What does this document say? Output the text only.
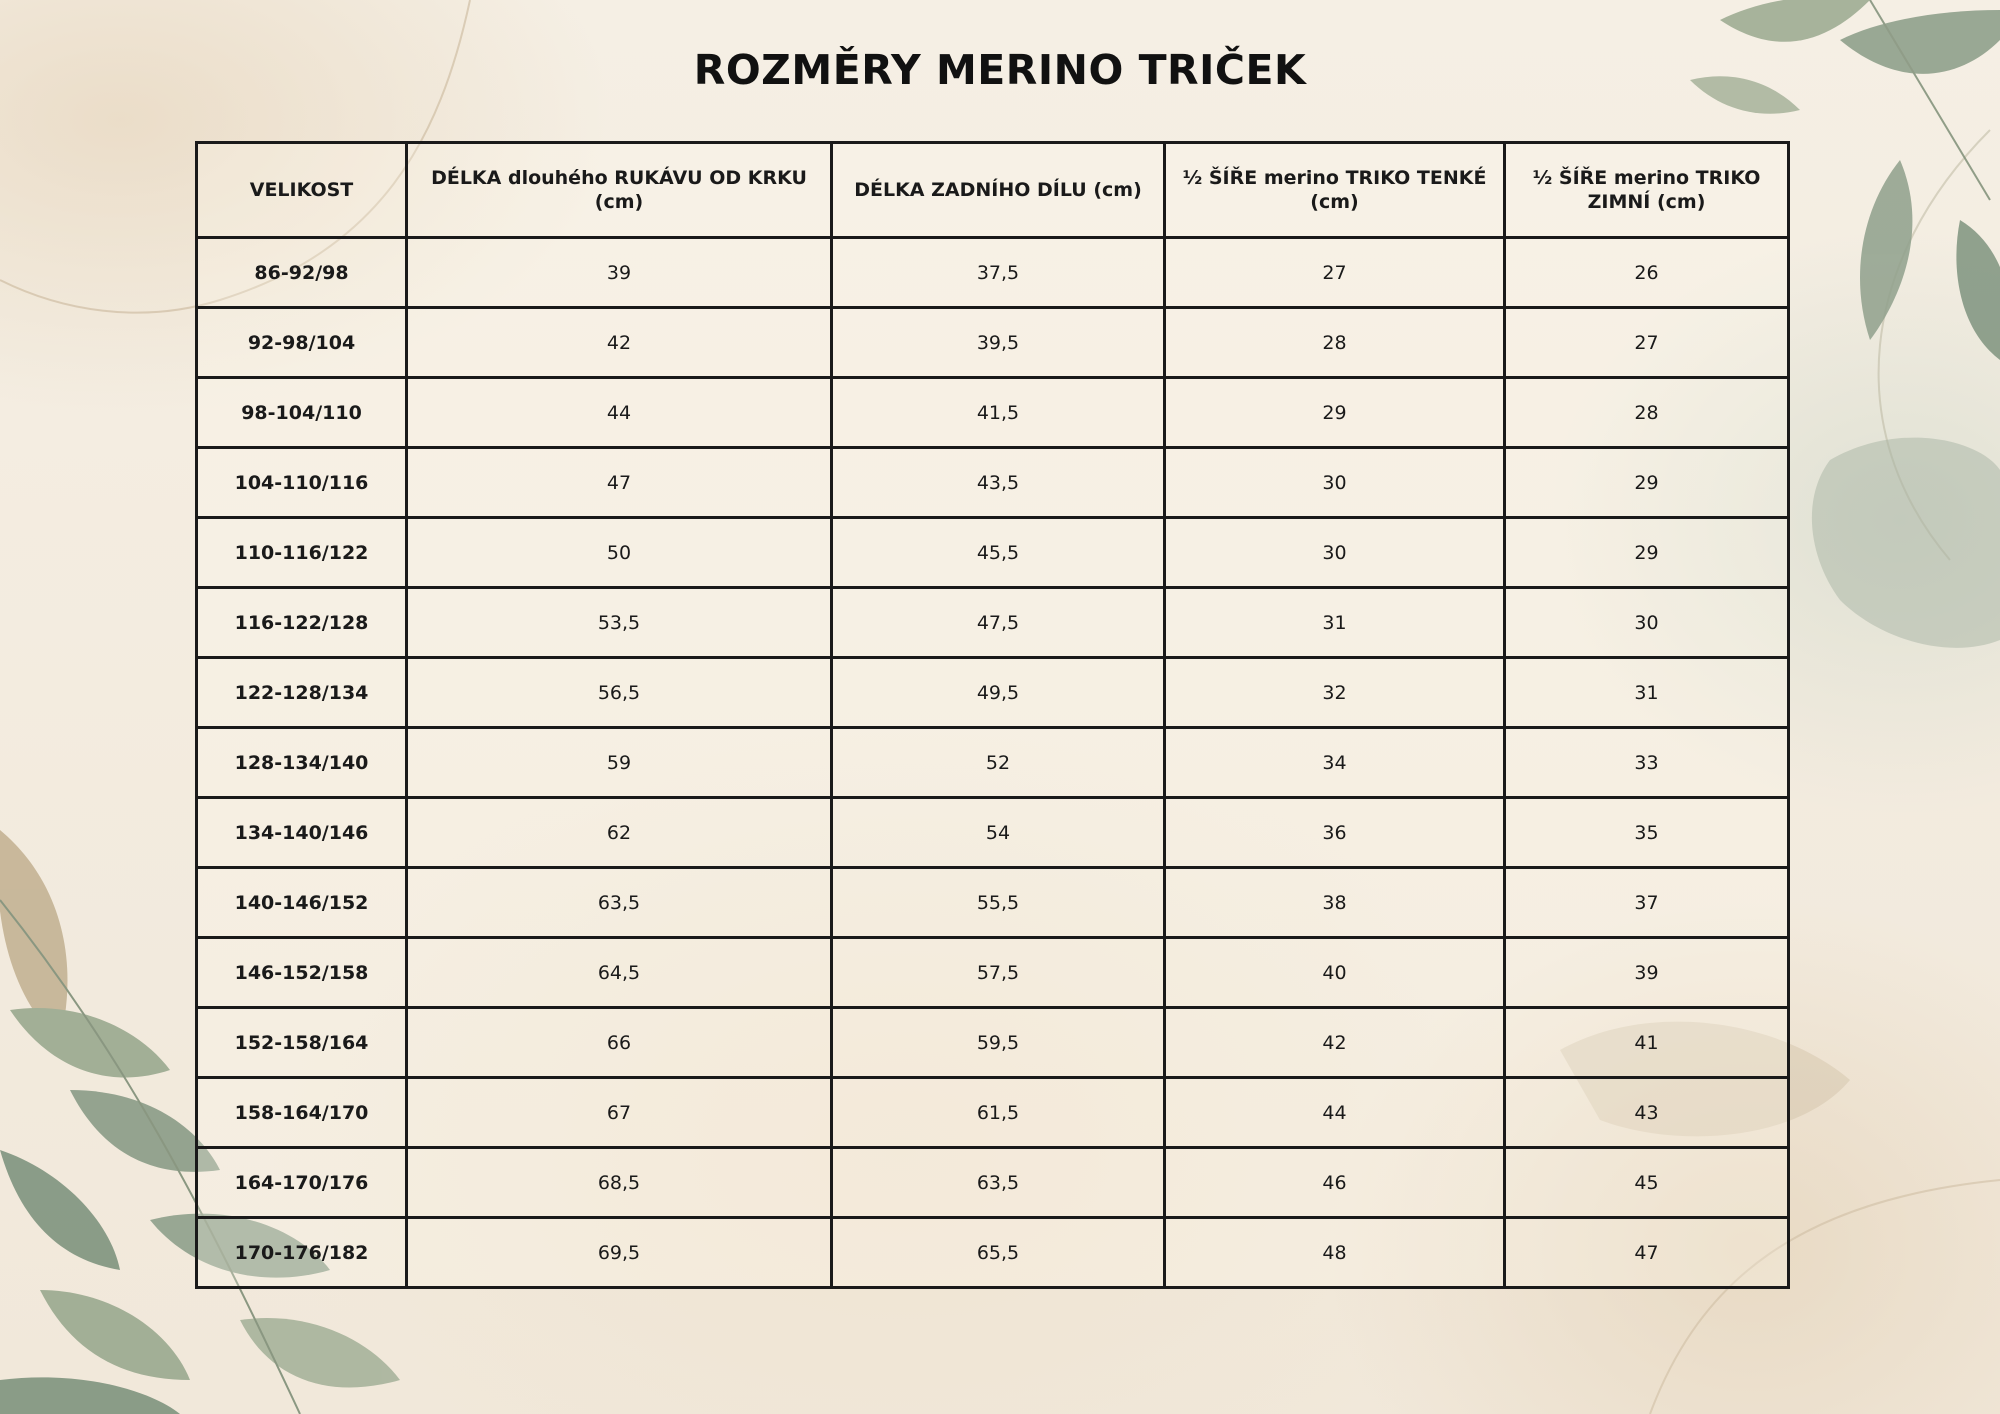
ROZMĚRY MERINO TRIČEK
VELIKOST	DÉLKA dlouhého RUKÁVU OD KRKU (cm)	DÉLKA ZADNÍHO DÍLU (cm)	½ ŠÍŘE merino TRIKO TENKÉ (cm)	½ ŠÍŘE merino TRIKO ZIMNÍ (cm)
86-92/98	39	37,5	27	26
92-98/104	42	39,5	28	27
98-104/110	44	41,5	29	28
104-110/116	47	43,5	30	29
110-116/122	50	45,5	30	29
116-122/128	53,5	47,5	31	30
122-128/134	56,5	49,5	32	31
128-134/140	59	52	34	33
134-140/146	62	54	36	35
140-146/152	63,5	55,5	38	37
146-152/158	64,5	57,5	40	39
152-158/164	66	59,5	42	41
158-164/170	67	61,5	44	43
164-170/176	68,5	63,5	46	45
170-176/182	69,5	65,5	48	47
